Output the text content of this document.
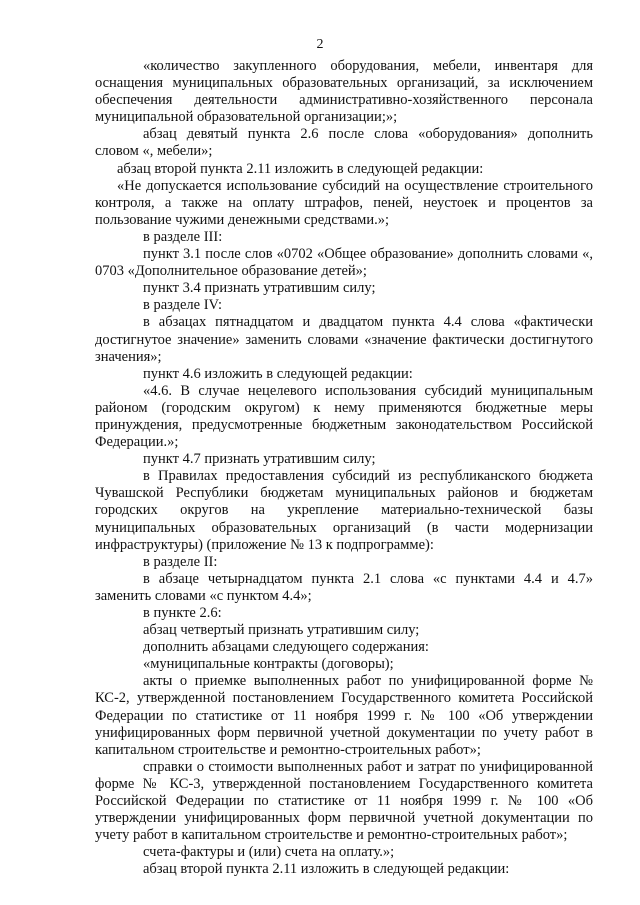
2

«количество закупленного оборудования, мебели, инвентаря для оснащения муниципальных образовательных организаций, за исключением обеспечения деятельности административно-хозяйственного персонала муниципальной образовательной организации;»;

абзац девятый пункта 2.6 после слова «оборудования» дополнить словом «, мебели»;

абзац второй пункта 2.11 изложить в следующей редакции:

«Не допускается использование субсидий на осуществление строительного контроля, а также на оплату штрафов, пеней, неустоек и процентов за пользование чужими денежными средствами.»;

в разделе III:

пункт 3.1 после слов «0702 «Общее образование» дополнить словами «, 0703 «Дополнительное образование детей»;

пункт 3.4 признать утратившим силу;

в разделе IV:

в абзацах пятнадцатом и двадцатом пункта 4.4 слова «фактически достигнутое значение» заменить словами «значение фактически достигнутого значения»;

пункт 4.6 изложить в следующей редакции:

«4.6. В случае нецелевого использования субсидий муниципальным районом (городским округом) к нему применяются бюджетные меры принуждения, предусмотренные бюджетным законодательством Российской Федерации.»;

пункт 4.7 признать утратившим силу;

в Правилах предоставления субсидий из республиканского бюджета Чувашской Республики бюджетам муниципальных районов и бюджетам городских округов на укрепление материально-технической базы муниципальных образовательных организаций (в части модернизации инфраструктуры) (приложение № 13 к подпрограмме):

в разделе II:

в абзаце четырнадцатом пункта 2.1 слова «с пунктами 4.4 и 4.7» заменить словами «с пунктом 4.4»;

в пункте 2.6:

абзац четвертый признать утратившим силу;

дополнить абзацами следующего содержания:

«муниципальные контракты (договоры);

акты о приемке выполненных работ по унифицированной форме № КС-2, утвержденной постановлением Государственного комитета Российской Федерации по статистике от 11 ноября 1999 г. № 100 «Об утверждении унифицированных форм первичной учетной документации по учету работ в капитальном строительстве и ремонтно-строительных работ»;

справки о стоимости выполненных работ и затрат по унифицированной форме № КС-3, утвержденной постановлением Государственного комитета Российской Федерации по статистике от 11 ноября 1999 г. № 100 «Об утверждении унифицированных форм первичной учетной документации по учету работ в капитальном строительстве и ремонтно-строительных работ»;

счета-фактуры и (или) счета на оплату.»;

абзац второй пункта 2.11 изложить в следующей редакции:
